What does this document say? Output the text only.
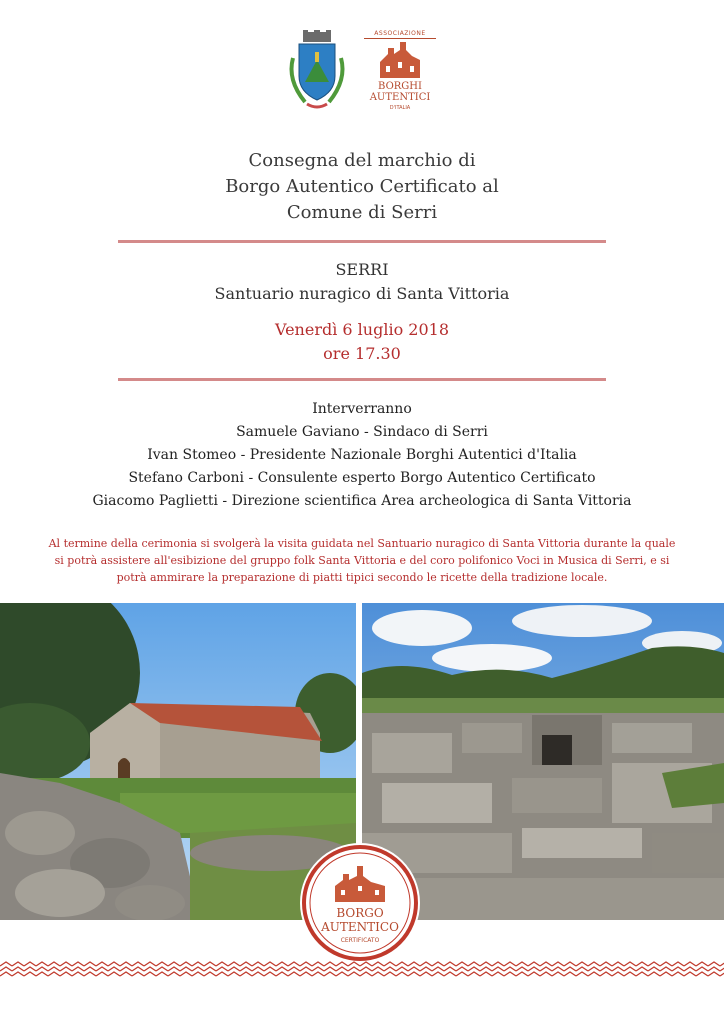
ASSOCIAZIONE
BORGHI
AUTENTICI
D'ITALIA
Consegna del marchio di
Borgo Autentico Certificato al
Comune di Serri
SERRI
Santuario nuragico di Santa Vittoria
Venerdì 6 luglio 2018
ore 17.30
Interverranno
Samuele Gaviano - Sindaco di Serri
Ivan Stomeo - Presidente Nazionale Borghi Autentici d'Italia
Stefano Carboni - Consulente esperto Borgo Autentico Certificato
Giacomo Paglietti - Direzione scientifica Area archeologica di Santa Vittoria
Al termine della cerimonia si svolgerà la visita guidata nel Santuario nuragico di Santa Vittoria durante la quale si potrà assistere all'esibizione del gruppo folk Santa Vittoria e del coro polifonico Voci in Musica di Serri, e si potrà ammirare la preparazione di piatti tipici secondo le ricette della tradizione locale.
BORGO
AUTENTICO
CERTIFICATO
